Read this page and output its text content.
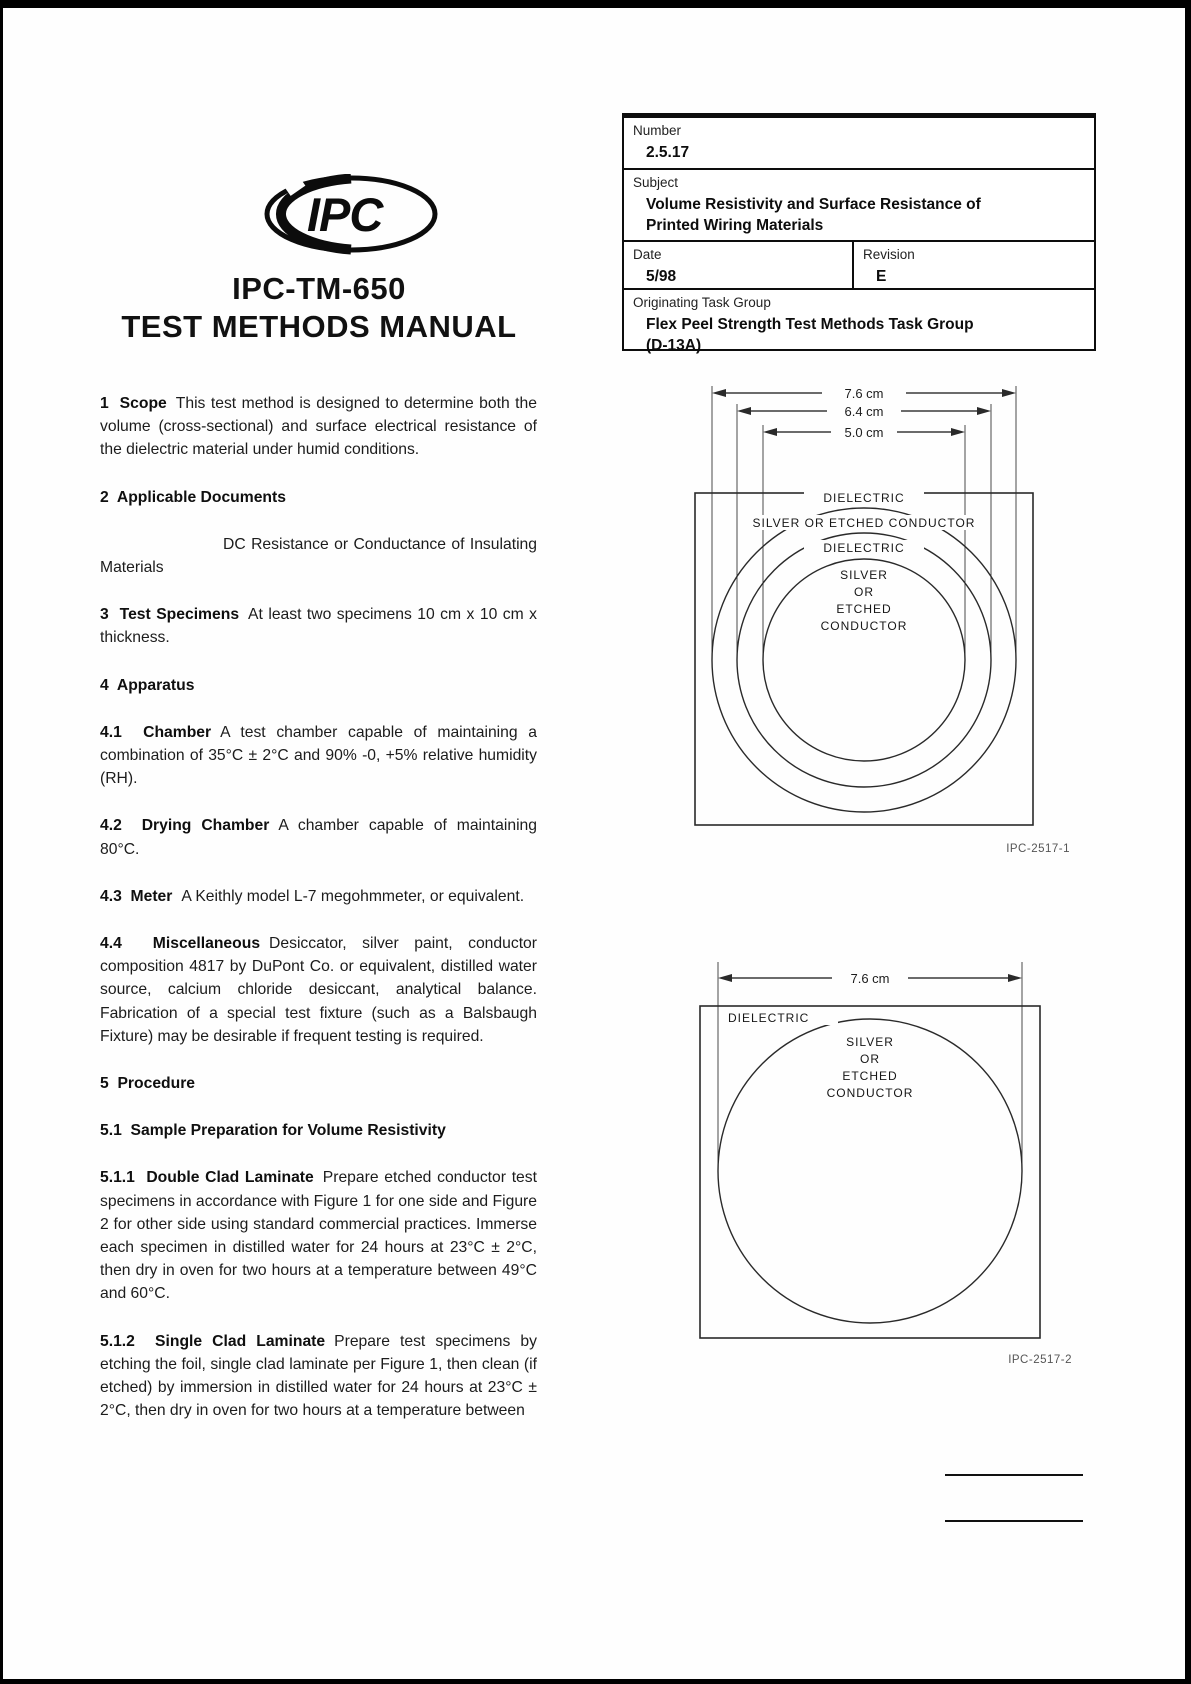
IPC
IPC-TM-650
TEST METHODS MANUAL
Number
2.5.17
Subject
Volume Resistivity and Surface Resistance of
Printed Wiring Materials
Date
5/98
Revision
E
Originating Task Group
Flex Peel Strength Test Methods Task Group
(D-13A)
1  Scope This test method is designed to determine both the volume (cross-sectional) and surface electrical resistance of the dielectric material under humid conditions.
2  Applicable Documents
DC Resistance or Conductance of Insulating
Materials
3  Test Specimens At least two specimens 10 cm x 10 cm x thickness.
4  Apparatus
4.1  Chamber A test chamber capable of maintaining a combination of 35°C ± 2°C and 90% -0, +5% relative humidity (RH).
4.2  Drying Chamber A chamber capable of maintaining 80°C.
4.3  Meter A Keithly model L-7 megohmmeter, or equivalent.
4.4  Miscellaneous Desiccator, silver paint, conductor composition 4817 by DuPont Co. or equivalent, distilled water source, calcium chloride desiccant, analytical balance. Fabrication of a special test fixture (such as a Balsbaugh Fixture) may be desirable if frequent testing is required.
5  Procedure
5.1  Sample Preparation for Volume Resistivity
5.1.1  Double Clad Laminate Prepare etched conductor test specimens in accordance with Figure 1 for one side and Figure 2 for other side using standard commercial practices. Immerse each specimen in distilled water for 24 hours at 23°C ± 2°C, then dry in oven for two hours at a temperature between 49°C and 60°C.
5.1.2  Single Clad Laminate Prepare test specimens by etching the foil, single clad laminate per Figure 1, then clean (if etched) by immersion in distilled water for 24 hours at 23°C ± 2°C, then dry in oven for two hours at a temperature between
7.6 cm
6.4 cm
5.0 cm
DIELECTRIC
SILVER OR ETCHED CONDUCTOR
DIELECTRIC
SILVER
OR
ETCHED
CONDUCTOR
IPC-2517-1
7.6 cm
DIELECTRIC
SILVER
OR
ETCHED
CONDUCTOR
IPC-2517-2
